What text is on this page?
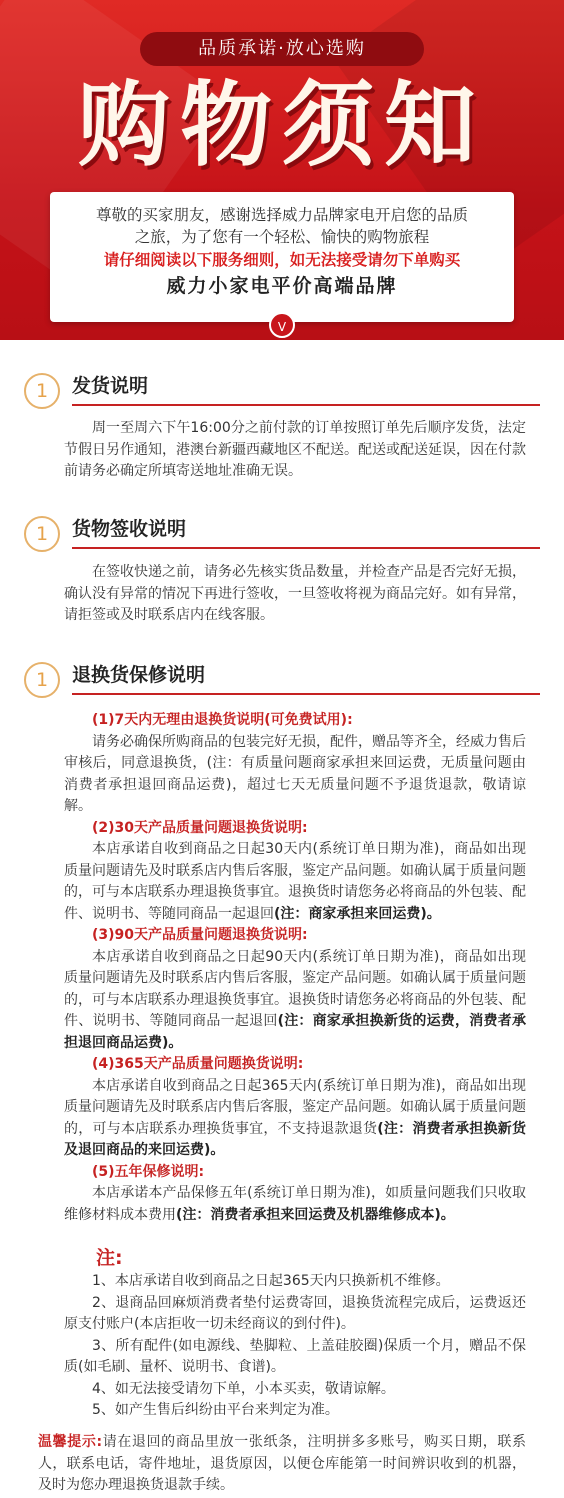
品质承诺·放心选购
购物须知
尊敬的买家朋友，感谢选择威力品牌家电开启您的品质
之旅，为了您有一个轻松、愉快的购物旅程
请仔细阅读以下服务细则，如无法接受请勿下单购买
威力小家电平价高端品牌
V
1	发货说明
周一至周六下午16:00分之前付款的订单按照订单先后顺序发货，法定节假日另作通知，港澳台新疆西藏地区不配送。配送或配送延误，因在付款前请务必确定所填寄送地址准确无误。
1	货物签收说明
在签收快递之前，请务必先核实货品数量，并检查产品是否完好无损，确认没有异常的情况下再进行签收，一旦签收将视为商品完好。如有异常，请拒签或及时联系店内在线客服。
1	退换货保修说明
(1)7天内无理由退换货说明(可免费试用):
请务必确保所购商品的包装完好无损，配件，赠品等齐全，经威力售后审核后，同意退换货，(注：有质量问题商家承担来回运费，无质量问题由消费者承担退回商品运费)，超过七天无质量问题不予退货退款，敬请谅解。
(2)30天产品质量问题退换货说明:
本店承诺自收到商品之日起30天内(系统订单日期为准)，商品如出现质量问题请先及时联系店内售后客服，鉴定产品问题。如确认属于质量问题的，可与本店联系办理退换货事宜。退换货时请您务必将商品的外包装、配件、说明书、等随同商品一起退回(注：商家承担来回运费)。
(3)90天产品质量问题退换货说明:
本店承诺自收到商品之日起90天内(系统订单日期为准)，商品如出现质量问题请先及时联系店内售后客服，鉴定产品问题。如确认属于质量问题的，可与本店联系办理退换货事宜。退换货时请您务必将商品的外包装、配件、说明书、等随同商品一起退回(注：商家承担换新货的运费，消费者承担退回商品运费)。
(4)365天产品质量问题换货说明:
本店承诺自收到商品之日起365天内(系统订单日期为准)，商品如出现质量问题请先及时联系店内售后客服，鉴定产品问题。如确认属于质量问题的，可与本店联系办理换货事宜，不支持退款退货(注：消费者承担换新货及退回商品的来回运费)。
(5)五年保修说明:
本店承诺本产品保修五年(系统订单日期为准)，如质量问题我们只收取维修材料成本费用(注：消费者承担来回运费及机器维修成本)。
注:
1、本店承诺自收到商品之日起365天内只换新机不维修。
2、退商品回麻烦消费者垫付运费寄回，退换货流程完成后，运费返还原支付账户(本店拒收一切未经商议的到付件)。
3、所有配件(如电源线、垫脚粒、上盖硅胶圈)保质一个月，赠品不保质(如毛刷、量杯、说明书、食谱)。
4、如无法接受请勿下单，小本买卖，敬请谅解。
5、如产生售后纠纷由平台来判定为准。
温馨提示:请在退回的商品里放一张纸条，注明拼多多账号，购买日期，联系人，联系电话，寄件地址，退货原因，以便仓库能第一时间辨识收到的机器，及时为您办理退换货退款手续。
